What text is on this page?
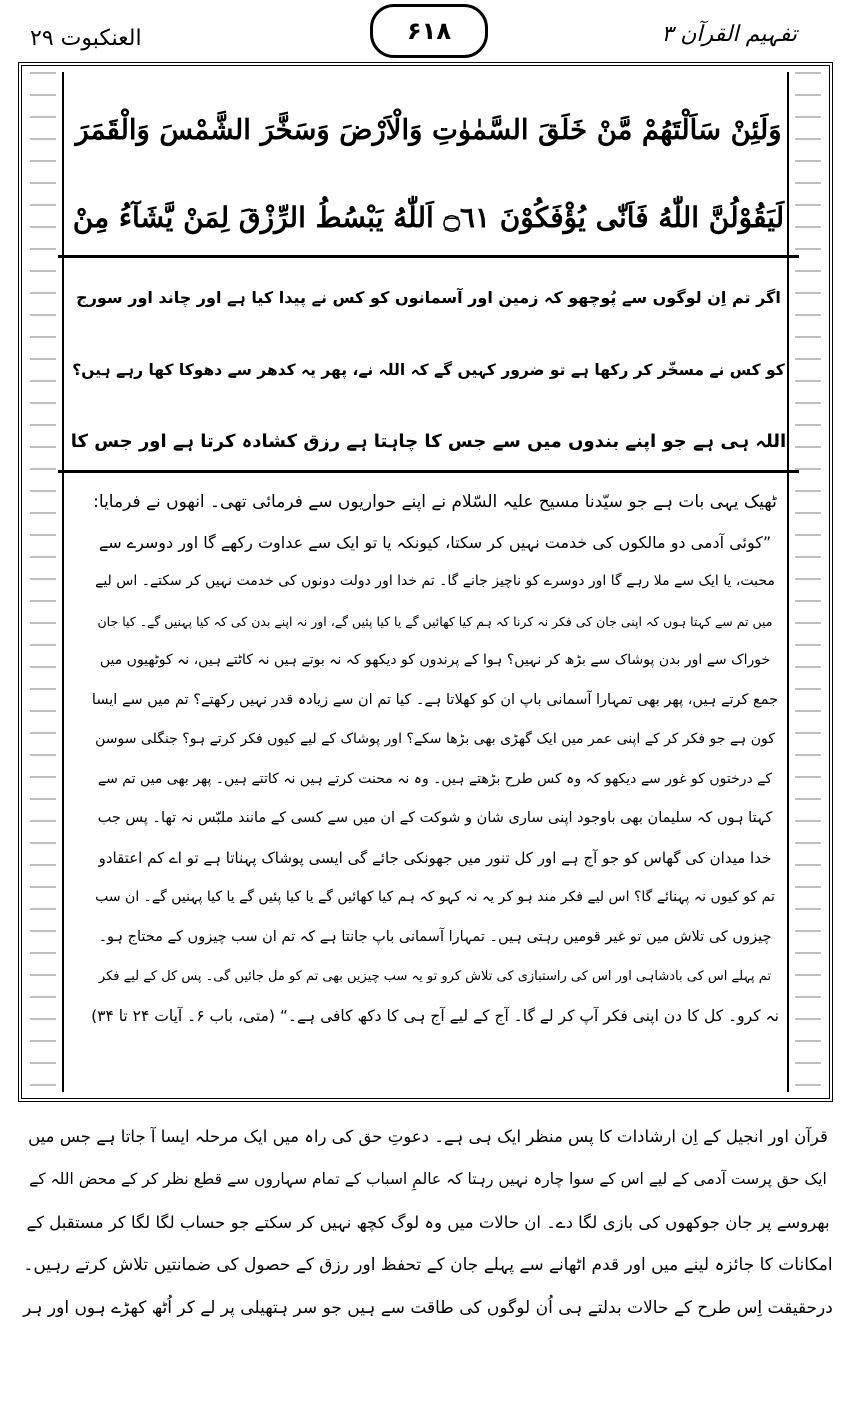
العنکبوت ۲۹	۶۱۸	تفہیم القرآن ۳
وَلَئِنْ سَاَلْتَهُمْ مَّنْ خَلَقَ السَّمٰوٰتِ وَالْاَرْضَ وَسَخَّرَ الشَّمْسَ وَالْقَمَرَ
لَيَقُوْلُنَّ اللّٰهُ فَاَنّٰى يُؤْفَكُوْنَ ۝٦١ اَللّٰهُ يَبْسُطُ الرِّزْقَ لِمَنْ يَّشَآءُ مِنْ
اگر تم اِن لوگوں سے پُوچھو کہ زمین اور آسمانوں کو کس نے پیدا کیا ہے اور چاند اور سورج
کو کس نے مسخّر کر رکھا ہے تو ضرور کہیں گے کہ اللہ نے، پھر یہ کدھر سے دھوکا کھا رہے ہیں؟
اللہ ہی ہے جو اپنے بندوں میں سے جس کا چاہتا ہے رزق کشادہ کرتا ہے اور جس کا
ٹھیک یہی بات ہے جو سیّدنا مسیح علیہ السّلام نے اپنے حواریوں سے فرمائی تھی۔ انھوں نے فرمایا:
”کوئی آدمی دو مالکوں کی خدمت نہیں کر سکتا، کیونکہ یا تو ایک سے عداوت رکھے گا اور دوسرے سے
محبت، یا ایک سے ملا رہے گا اور دوسرے کو ناچیز جانے گا۔ تم خدا اور دولت دونوں کی خدمت نہیں کر سکتے۔ اس لیے
میں تم سے کہتا ہوں کہ اپنی جان کی فکر نہ کرنا کہ ہم کیا کھائیں گے یا کیا پئیں گے، اور نہ اپنے بدن کی کہ کیا پہنیں گے۔ کیا جان
خوراک سے اور بدن پوشاک سے بڑھ کر نہیں؟ ہوا کے پرندوں کو دیکھو کہ نہ بوتے ہیں نہ کاٹتے ہیں، نہ کوٹھیوں میں
جمع کرتے ہیں، پھر بھی تمہارا آسمانی باپ ان کو کھلاتا ہے۔ کیا تم ان سے زیادہ قدر نہیں رکھتے؟ تم میں سے ایسا
کون ہے جو فکر کر کے اپنی عمر میں ایک گھڑی بھی بڑھا سکے؟ اور پوشاک کے لیے کیوں فکر کرتے ہو؟ جنگلی سوسن
کے درختوں کو غور سے دیکھو کہ وہ کس طرح بڑھتے ہیں۔ وہ نہ محنت کرتے ہیں نہ کاتتے ہیں۔ پھر بھی میں تم سے
کہتا ہوں کہ سلیمان بھی باوجود اپنی ساری شان و شوکت کے ان میں سے کسی کے مانند ملبّس نہ تھا۔ پس جب
خدا میدان کی گھاس کو جو آج ہے اور کل تنور میں جھونکی جائے گی ایسی پوشاک پہناتا ہے تو اے کم اعتقادو
تم کو کیوں نہ پہنائے گا؟ اس لیے فکر مند ہو کر یہ نہ کہو کہ ہم کیا کھائیں گے یا کیا پئیں گے یا کیا پہنیں گے۔ ان سب
چیزوں کی تلاش میں تو غیر قومیں رہتی ہیں۔ تمہارا آسمانی باپ جانتا ہے کہ تم ان سب چیزوں کے محتاج ہو۔
تم پہلے اس کی بادشاہی اور اس کی راستبازی کی تلاش کرو تو یہ سب چیزیں بھی تم کو مل جائیں گی۔ پس کل کے لیے فکر
نہ کرو۔ کل کا دن اپنی فکر آپ کر لے گا۔ آج کے لیے آج ہی کا دکھ کافی ہے۔“ (متی، باب ۶۔ آیات ۲۴ تا ۳۴)
قرآن اور انجیل کے اِن ارشادات کا پس منظر ایک ہی ہے۔ دعوتِ حق کی راہ میں ایک مرحلہ ایسا آ جاتا ہے جس میں
ایک حق پرست آدمی کے لیے اس کے سوا چارہ نہیں رہتا کہ عالمِ اسباب کے تمام سہاروں سے قطع نظر کر کے محض اللہ کے
بھروسے پر جان جوکھوں کی بازی لگا دے۔ ان حالات میں وہ لوگ کچھ نہیں کر سکتے جو حساب لگا لگا کر مستقبل کے
امکانات کا جائزہ لینے میں اور قدم اٹھانے سے پہلے جان کے تحفظ اور رزق کے حصول کی ضمانتیں تلاش کرتے رہیں۔
درحقیقت اِس طرح کے حالات بدلتے ہی اُن لوگوں کی طاقت سے ہیں جو سر ہتھیلی پر لے کر اُٹھ کھڑے ہوں اور ہر
